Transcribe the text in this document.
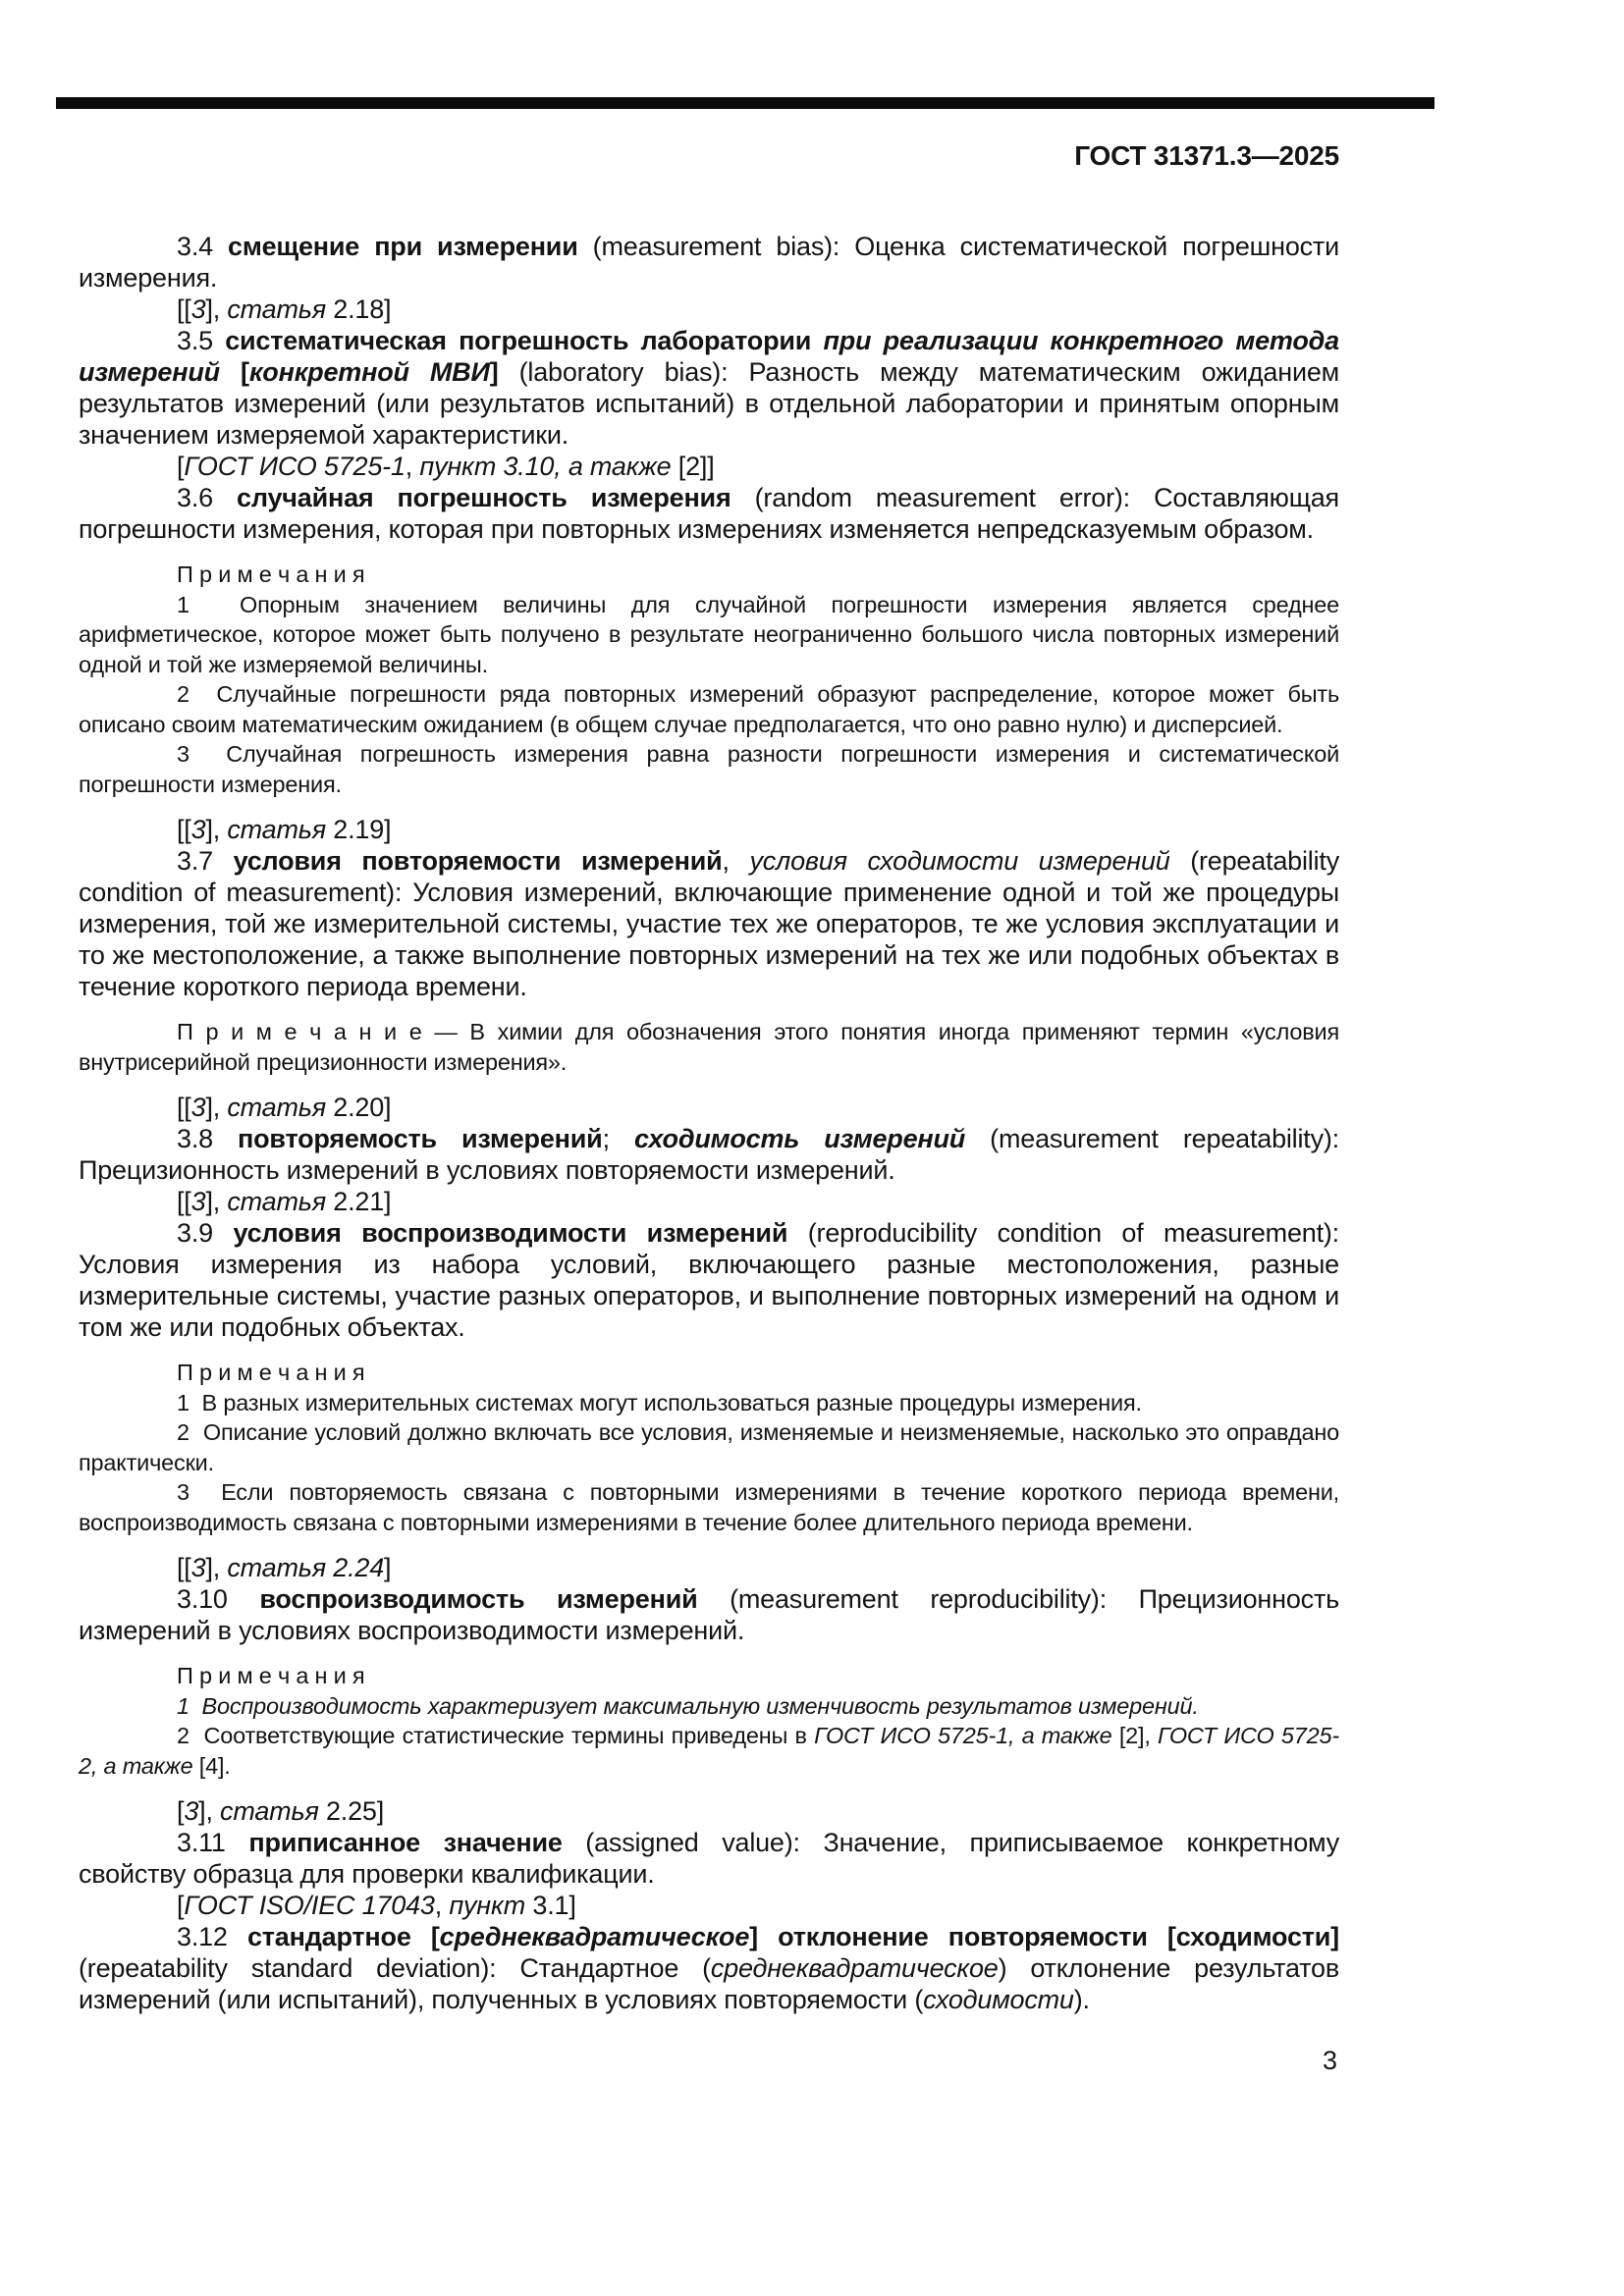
ГОСТ 31371.3—2025
3.4 смещение при измерении (measurement bias): Оценка систематической погрешности измерения.
[[3], статья 2.18]
3.5 систематическая погрешность лаборатории при реализации конкретного метода измерений [конкретной МВИ] (laboratory bias): Разность между математическим ожиданием результатов измерений (или результатов испытаний) в отдельной лаборатории и принятым опорным значением измеряемой характеристики.
[ГОСТ ИСО 5725-1, пункт 3.10, а также [2]]
3.6 случайная погрешность измерения (random measurement error): Составляющая погрешности измерения, которая при повторных измерениях изменяется непредсказуемым образом.
П р и м е ч а н и я
1  Опорным значением величины для случайной погрешности измерения является среднее арифметическое, которое может быть получено в результате неограниченно большого числа повторных измерений одной и той же измеряемой величины.
2  Случайные погрешности ряда повторных измерений образуют распределение, которое может быть описано своим математическим ожиданием (в общем случае предполагается, что оно равно нулю) и дисперсией.
3  Случайная погрешность измерения равна разности погрешности измерения и систематической погрешности измерения.
[[3], статья 2.19]
3.7 условия повторяемости измерений, условия сходимости измерений (repeatability condition of measurement): Условия измерений, включающие применение одной и той же процедуры измерения, той же измерительной системы, участие тех же операторов, те же условия эксплуатации и то же местоположение, а также выполнение повторных измерений на тех же или подобных объектах в течение короткого периода времени.
П р и м е ч а н и е — В химии для обозначения этого понятия иногда применяют термин «условия внутрисерийной прецизионности измерения».
[[3], статья 2.20]
3.8 повторяемость измерений; сходимость измерений (measurement repeatability): Прецизионность измерений в условиях повторяемости измерений.
[[3], статья 2.21]
3.9 условия воспроизводимости измерений (reproducibility condition of measurement): Условия измерения из набора условий, включающего разные местоположения, разные измерительные системы, участие разных операторов, и выполнение повторных измерений на одном и том же или подобных объектах.
П р и м е ч а н и я
1  В разных измерительных системах могут использоваться разные процедуры измерения.
2  Описание условий должно включать все условия, изменяемые и неизменяемые, насколько это оправдано практически.
3  Если повторяемость связана с повторными измерениями в течение короткого периода времени, воспроизводимость связана с повторными измерениями в течение более длительного периода времени.
[[3], статья 2.24]
3.10 воспроизводимость измерений (measurement reproducibility): Прецизионность измерений в условиях воспроизводимости измерений.
П р и м е ч а н и я
1  Воспроизводимость характеризует максимальную изменчивость результатов измерений.
2  Соответствующие статистические термины приведены в ГОСТ ИСО 5725-1, а также [2], ГОСТ ИСО 5725-2, а также [4].
[3], статья 2.25]
3.11 приписанное значение (assigned value): Значение, приписываемое конкретному свойству образца для проверки квалификации.
[ГОСТ ISO/IEC 17043, пункт 3.1]
3.12 стандартное [среднеквадратическое] отклонение повторяемости [сходимости] (repeatability standard deviation): Стандартное (среднеквадратическое) отклонение результатов измерений (или испытаний), полученных в условиях повторяемости (сходимости).
3
